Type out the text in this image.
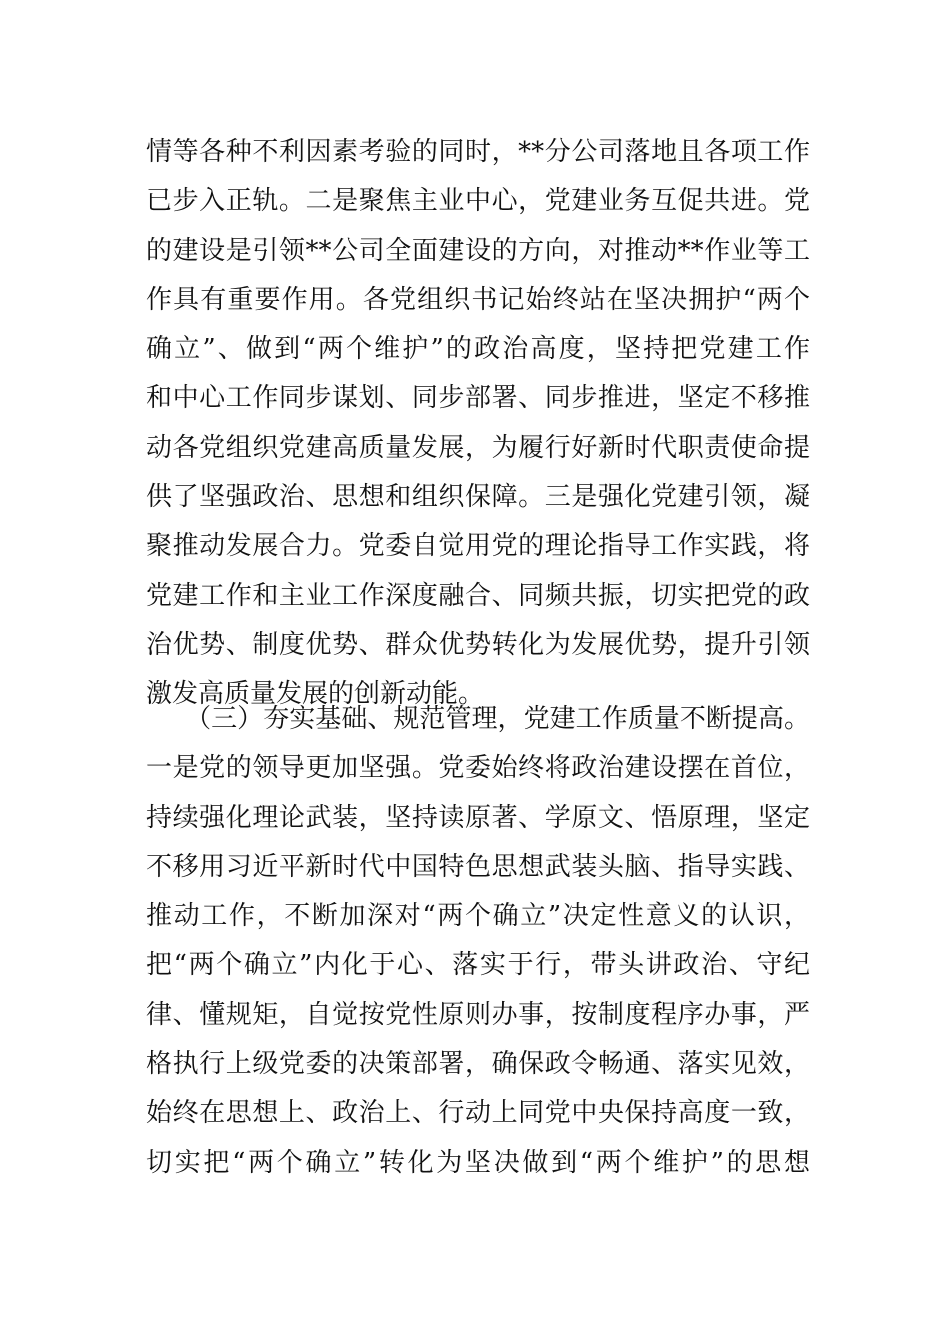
情等各种不利因素考验的同时，**分公司落地且各项工作
已步入正轨。二是聚焦主业中心，党建业务互促共进。党
的建设是引领**公司全面建设的方向，对推动**作业等工
作具有重要作用。各党组织书记始终站在坚决拥护“两个
确立”、做到“两个维护”的政治高度，坚持把党建工作
和中心工作同步谋划、同步部署、同步推进，坚定不移推
动各党组织党建高质量发展，为履行好新时代职责使命提
供了坚强政治、思想和组织保障。三是强化党建引领，凝
聚推动发展合力。党委自觉用党的理论指导工作实践，将
党建工作和主业工作深度融合、同频共振，切实把党的政
治优势、制度优势、群众优势转化为发展优势，提升引领
激发高质量发展的创新动能。
　　（三）夯实基础、规范管理，党建工作质量不断提高。
一是党的领导更加坚强。党委始终将政治建设摆在首位，
持续强化理论武装，坚持读原著、学原文、悟原理，坚定
不移用习近平新时代中国特色思想武装头脑、指导实践、
推动工作，不断加深对“两个确立”决定性意义的认识，
把“两个确立”内化于心、落实于行，带头讲政治、守纪
律、懂规矩，自觉按党性原则办事，按制度程序办事，严
格执行上级党委的决策部署，确保政令畅通、落实见效，
始终在思想上、政治上、行动上同党中央保持高度一致，
切实把“两个确立”转化为坚决做到“两个维护”的思想
